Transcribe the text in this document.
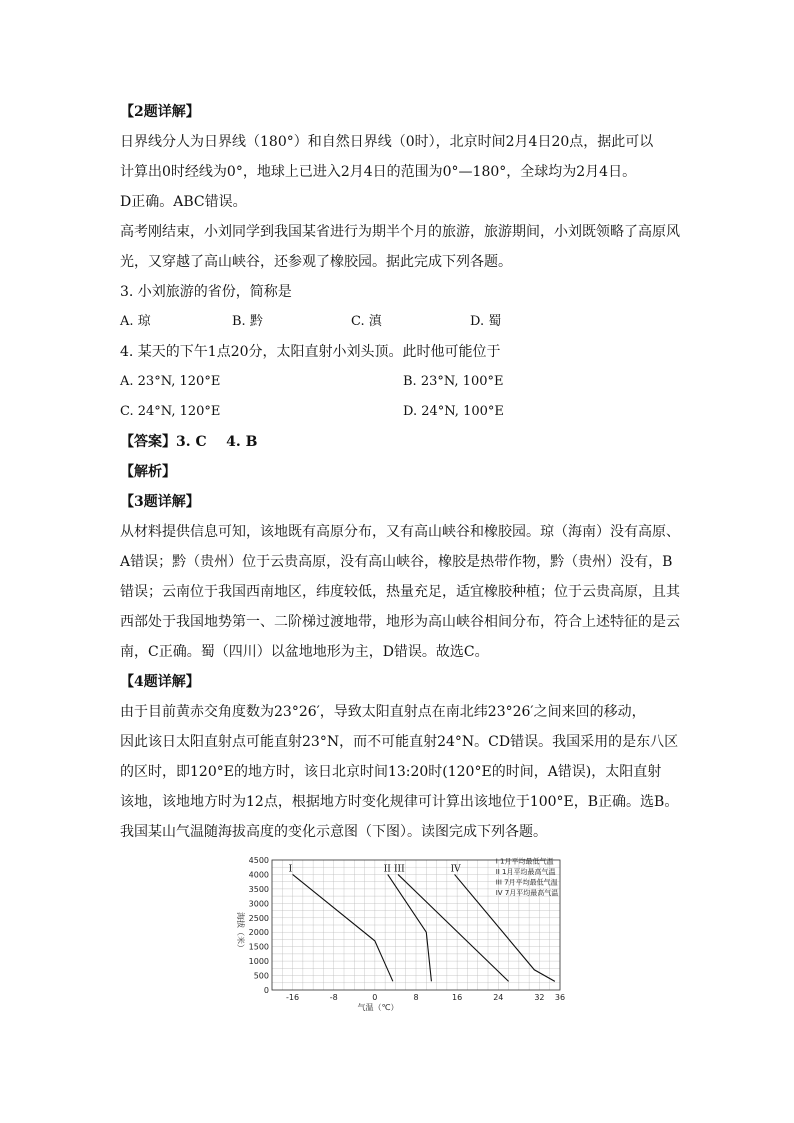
【2题详解】
日界线分人为日界线（180°）和自然日界线（0时），北京时间2月4日20点，据此可以
计算出0时经线为0°，地球上已进入2月4日的范围为0°—180°，全球均为2月4日。
D正确。ABC错误。
高考刚结束，小刘同学到我国某省进行为期半个月的旅游，旅游期间，小刘既领略了高原风
光，又穿越了高山峡谷，还参观了橡胶园。据此完成下列各题。
3. 小刘旅游的省份，简称是
A. 琼	B. 黔	C. 滇	D. 蜀
4. 某天的下午1点20分，太阳直射小刘头顶。此时他可能位于
A. 23°N, 120°E	B. 23°N, 100°E
C. 24°N, 120°E	D. 24°N, 100°E
【答案】3. C    4. B
【解析】
【3题详解】
从材料提供信息可知，该地既有高原分布，又有高山峡谷和橡胶园。琼（海南）没有高原、
A错误；黔（贵州）位于云贵高原，没有高山峡谷，橡胶是热带作物，黔（贵州）没有，B
错误；云南位于我国西南地区，纬度较低，热量充足，适宜橡胶种植；位于云贵高原，且其
西部处于我国地势第一、二阶梯过渡地带，地形为高山峡谷相间分布，符合上述特征的是云
南，C正确。蜀（四川）以盆地地形为主，D错误。故选C。
【4题详解】
由于目前黄赤交角度数为23°26′，导致太阳直射点在南北纬23°26′之间来回的移动，
因此该日太阳直射点可能直射23°N，而不可能直射24°N。CD错误。我国采用的是东八区
的区时，即120°E的地方时，该日北京时间13:20时(120°E的时间，A错误)，太阳直射
该地，该地地方时为12点，根据地方时变化规律可计算出该地位于100°E，B正确。选B。
我国某山气温随海拔高度的变化示意图（下图）。读图完成下列各题。
0
500
1000
1500
2000
2500
3000
3500
4000
4500
-16	-8	0	8	16	24	32 36
I	II III	IV
I 1月平均最低气温
II 1月平均最高气温
III 7月平均最低气温
IV 7月平均最高气温
海拔（米）
气温（℃）
